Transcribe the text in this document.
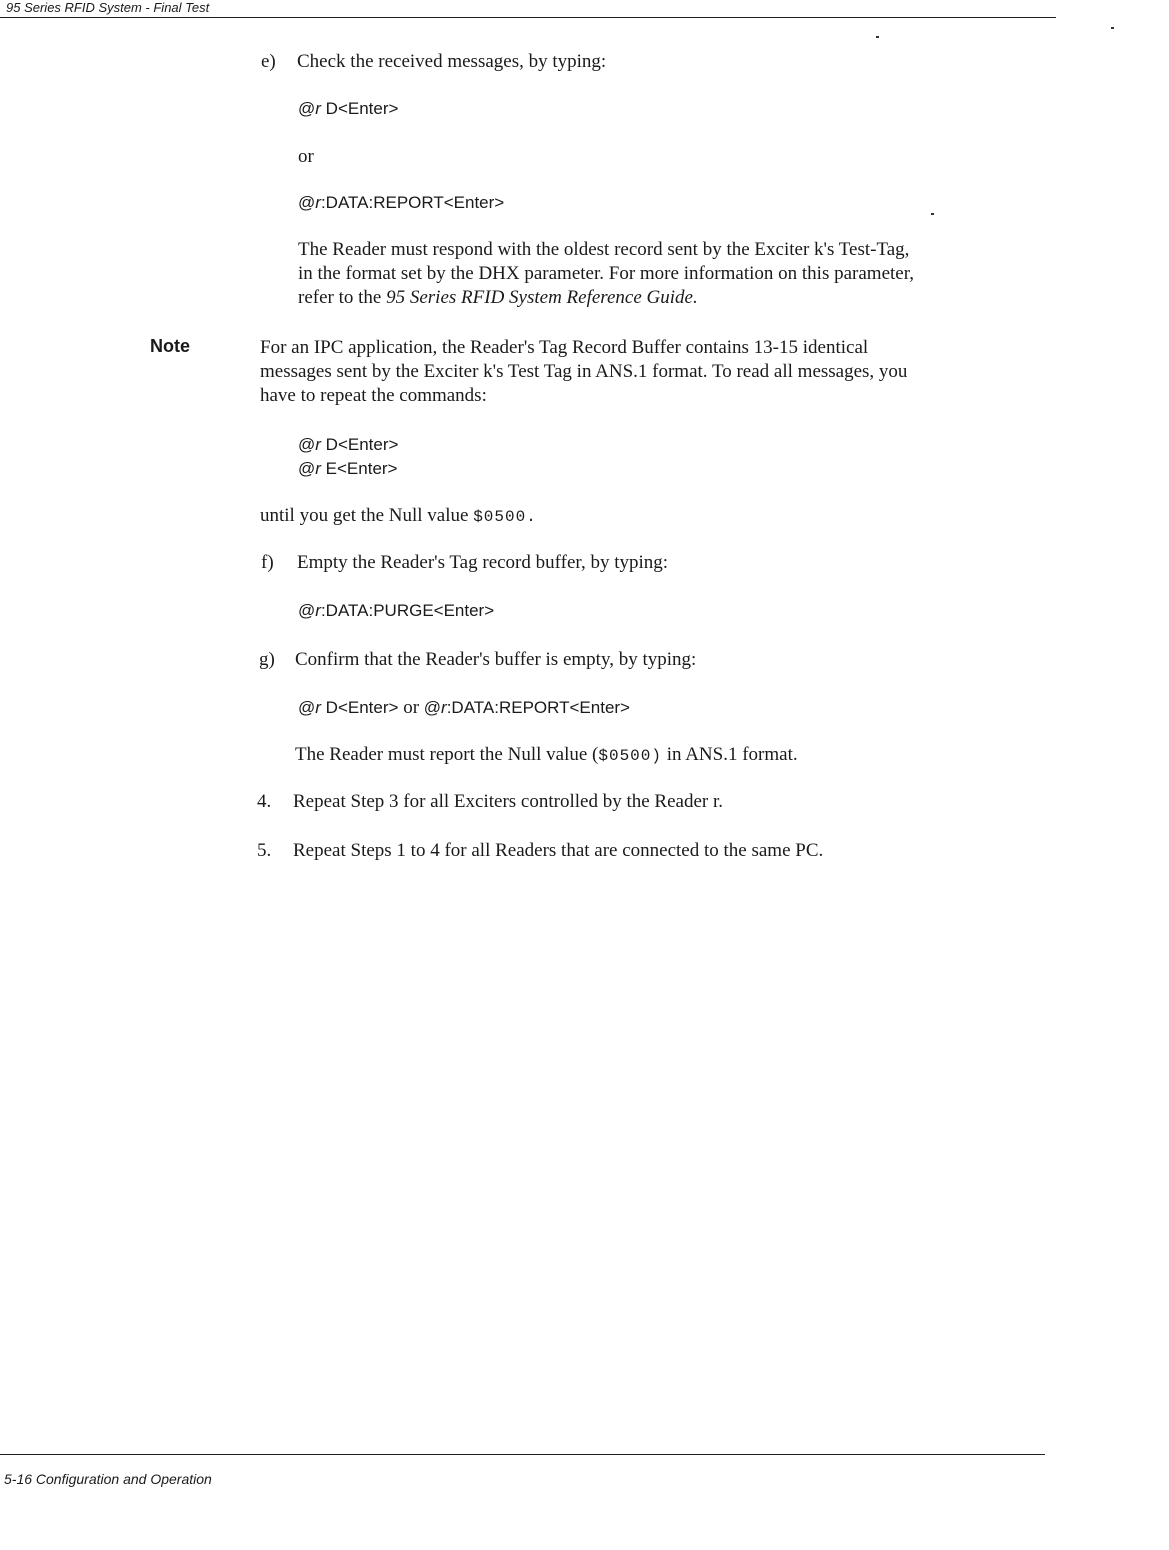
95 Series RFID System - Final Test
e) Check the received messages, by typing:
@r D<Enter>
or
@r:DATA:REPORT<Enter>
The Reader must respond with the oldest record sent by the Exciter k's Test-Tag,
in the format set by the DHX parameter. For more information on this parameter,
refer to the 95 Series RFID System Reference Guide.
Note	For an IPC application, the Reader's Tag Record Buffer contains 13-15 identical
messages sent by the Exciter k's Test Tag in ANS.1 format. To read all messages, you
have to repeat the commands:
@r D<Enter>
@r E<Enter>
until you get the Null value $0500.
f) Empty the Reader's Tag record buffer, by typing:
@r:DATA:PURGE<Enter>
g) Confirm that the Reader's buffer is empty, by typing:
@r D<Enter> or @r:DATA:REPORT<Enter>
The Reader must report the Null value ($0500) in ANS.1 format.
4. Repeat Step 3 for all Exciters controlled by the Reader r.
5. Repeat Steps 1 to 4 for all Readers that are connected to the same PC.
5-16 Configuration and Operation
